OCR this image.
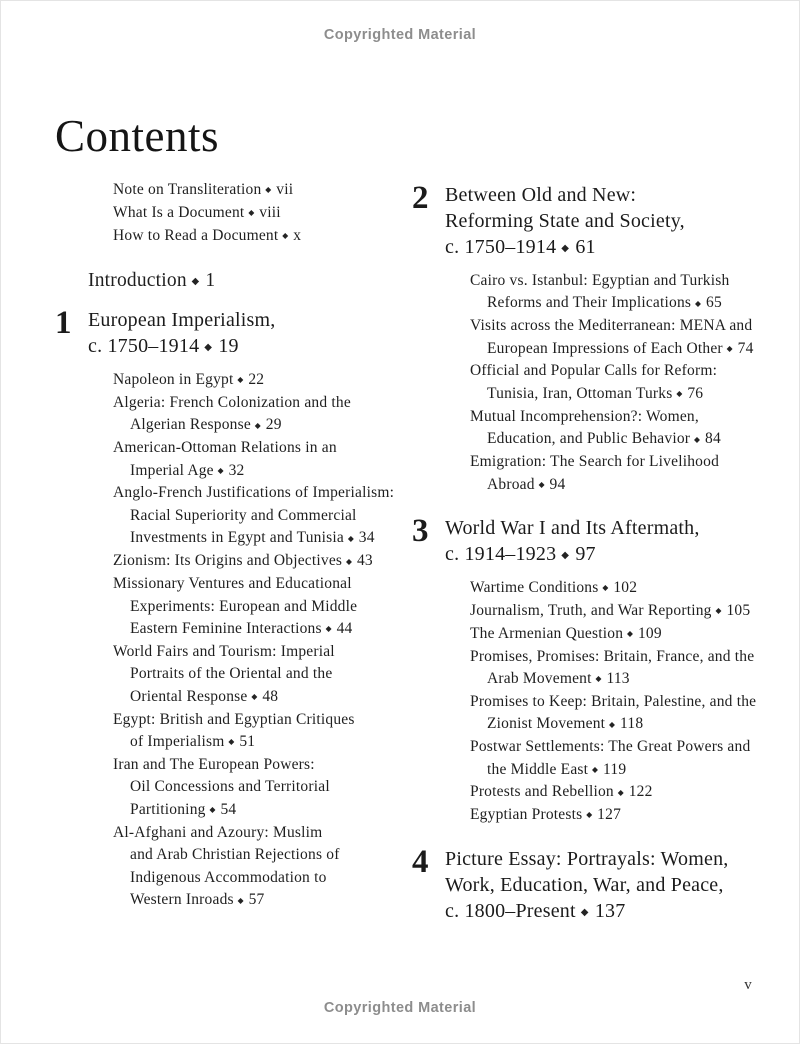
Copyrighted Material
Contents
Note on Transliteration ◆ vii
What Is a Document ◆ viii
How to Read a Document ◆ x
Introduction ◆ 1
1 European Imperialism,
c. 1750–1914 ◆ 19
Napoleon in Egypt ◆ 22
Algeria: French Colonization and the
Algerian Response ◆ 29
American-Ottoman Relations in an
Imperial Age ◆ 32
Anglo-French Justifications of Imperialism:
Racial Superiority and Commercial
Investments in Egypt and Tunisia ◆ 34
Zionism: Its Origins and Objectives ◆ 43
Missionary Ventures and Educational
Experiments: European and Middle
Eastern Feminine Interactions ◆ 44
World Fairs and Tourism: Imperial
Portraits of the Oriental and the
Oriental Response ◆ 48
Egypt: British and Egyptian Critiques
of Imperialism ◆ 51
Iran and The European Powers:
Oil Concessions and Territorial
Partitioning ◆ 54
Al-Afghani and Azoury: Muslim
and Arab Christian Rejections of
Indigenous Accommodation to
Western Inroads ◆ 57
2 Between Old and New:
Reforming State and Society,
c. 1750–1914 ◆ 61
Cairo vs. Istanbul: Egyptian and Turkish
Reforms and Their Implications ◆ 65
Visits across the Mediterranean: MENA and
European Impressions of Each Other ◆ 74
Official and Popular Calls for Reform:
Tunisia, Iran, Ottoman Turks ◆ 76
Mutual Incomprehension?: Women,
Education, and Public Behavior ◆ 84
Emigration: The Search for Livelihood
Abroad ◆ 94
3 World War I and Its Aftermath,
c. 1914–1923 ◆ 97
Wartime Conditions ◆ 102
Journalism, Truth, and War Reporting ◆ 105
The Armenian Question ◆ 109
Promises, Promises: Britain, France, and the
Arab Movement ◆ 113
Promises to Keep: Britain, Palestine, and the
Zionist Movement ◆ 118
Postwar Settlements: The Great Powers and
the Middle East ◆ 119
Protests and Rebellion ◆ 122
Egyptian Protests ◆ 127
4 Picture Essay: Portrayals: Women,
Work, Education, War, and Peace,
c. 1800–Present ◆ 137
v
Copyrighted Material
